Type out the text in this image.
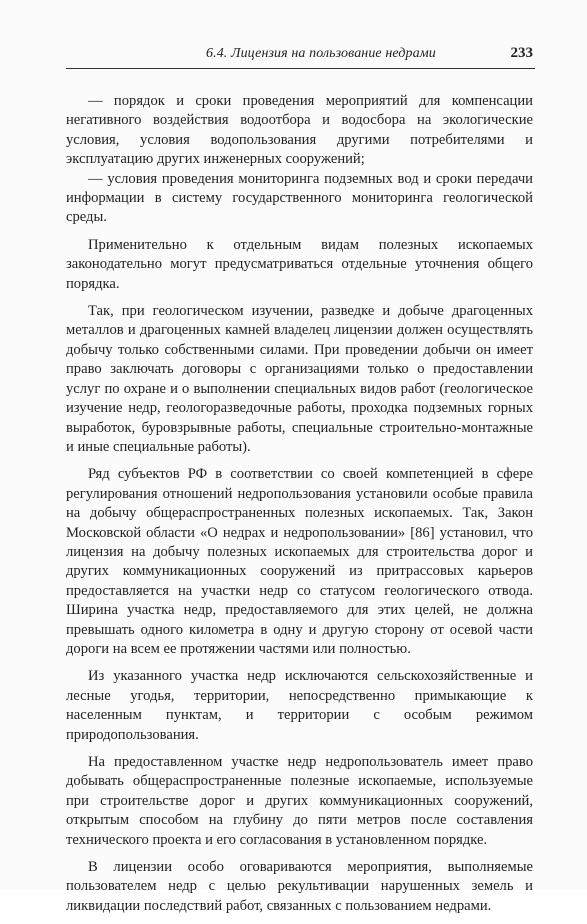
6.4. Лицензия на пользование недрами	233

— порядок и сроки проведения мероприятий для компенсации негативного воздействия водоотбора и водосбора на экологические условия, условия водопользования другими потребителями и эксплуатацию других инженерных сооружений;

— условия проведения мониторинга подземных вод и сроки передачи информации в систему государственного мониторинга геологической среды.

Применительно к отдельным видам полезных ископаемых законодательно могут предусматриваться отдельные уточнения общего порядка.

Так, при геологическом изучении, разведке и добыче драгоценных металлов и драгоценных камней владелец лицензии должен осуществлять добычу только собственными силами. При проведении добычи он имеет право заключать договоры с организациями только о предоставлении услуг по охране и о выполнении специальных видов работ (геологическое изучение недр, геологоразведочные работы, проходка подземных горных выработок, буровзрывные работы, специальные строительно-монтажные и иные специальные работы).

Ряд субъектов РФ в соответствии со своей компетенцией в сфере регулирования отношений недропользования установили особые правила на добычу общераспространенных полезных ископаемых. Так, Закон Московской области «О недрах и недропользовании» [86] установил, что лицензия на добычу полезных ископаемых для строительства дорог и других коммуникационных сооружений из притрассовых карьеров предоставляется на участки недр со статусом геологического отвода. Ширина участка недр, предоставляемого для этих целей, не должна превышать одного километра в одну и другую сторону от осевой части дороги на всем ее протяжении частями или полностью.

Из указанного участка недр исключаются сельскохозяйственные и лесные угодья, территории, непосредственно примыкающие к населенным пунктам, и территории с особым режимом природопользования.

На предоставленном участке недр недропользователь имеет право добывать общераспространенные полезные ископаемые, используемые при строительстве дорог и других коммуникационных сооружений, открытым способом на глубину до пяти метров после составления технического проекта и его согласования в установленном порядке.

В лицензии особо оговариваются мероприятия, выполняемые пользователем недр с целью рекультивации нарушенных земель и ликвидации последствий работ, связанных с пользованием недрами.
